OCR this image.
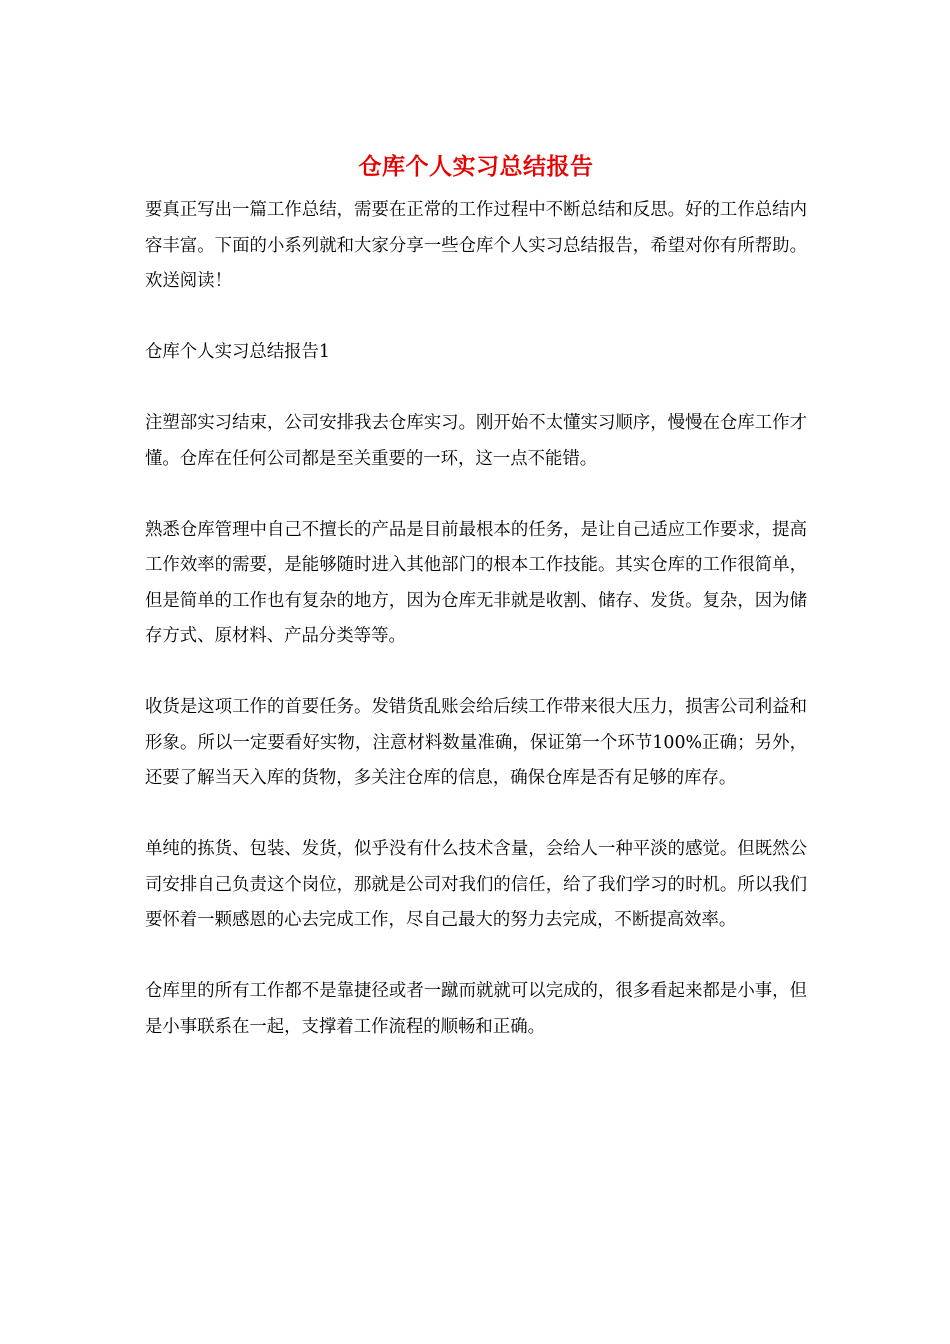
仓库个人实习总结报告

要真正写出一篇工作总结，需要在正常的工作过程中不断总结和反思。好的工作总结内容丰富。下面的小系列就和大家分享一些仓库个人实习总结报告，希望对你有所帮助。欢送阅读！

仓库个人实习总结报告1

注塑部实习结束，公司安排我去仓库实习。刚开始不太懂实习顺序，慢慢在仓库工作才懂。仓库在任何公司都是至关重要的一环，这一点不能错。

熟悉仓库管理中自己不擅长的产品是目前最根本的任务，是让自己适应工作要求，提高工作效率的需要，是能够随时进入其他部门的根本工作技能。其实仓库的工作很简单，但是简单的工作也有复杂的地方，因为仓库无非就是收割、储存、发货。复杂，因为储存方式、原材料、产品分类等等。

收货是这项工作的首要任务。发错货乱账会给后续工作带来很大压力，损害公司利益和形象。所以一定要看好实物，注意材料数量准确，保证第一个环节100%正确；另外，还要了解当天入库的货物，多关注仓库的信息，确保仓库是否有足够的库存。

单纯的拣货、包装、发货，似乎没有什么技术含量，会给人一种平淡的感觉。但既然公司安排自己负责这个岗位，那就是公司对我们的信任，给了我们学习的时机。所以我们要怀着一颗感恩的心去完成工作，尽自己最大的努力去完成，不断提高效率。

仓库里的所有工作都不是靠捷径或者一蹴而就就可以完成的，很多看起来都是小事，但是小事联系在一起，支撑着工作流程的顺畅和正确。
